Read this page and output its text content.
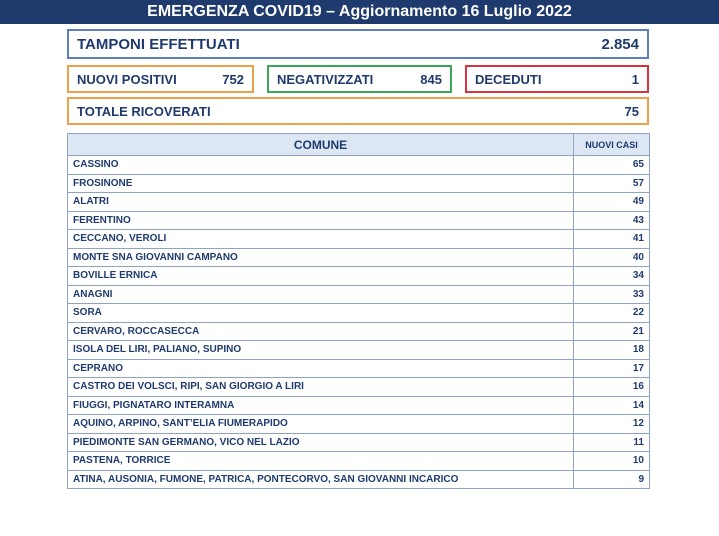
EMERGENZA COVID19 – Aggiornamento 16 Luglio 2022
TAMPONI EFFETTUATI	2.854
NUOVI POSITIVI	752	NEGATIVIZZATI	845	DECEDUTI	1
TOTALE RICOVERATI	75
COMUNE	NUOVI CASI
CASSINO	65
FROSINONE	57
ALATRI	49
FERENTINO	43
CECCANO, VEROLI	41
MONTE SNA GIOVANNI CAMPANO	40
BOVILLE ERNICA	34
ANAGNI	33
SORA	22
CERVARO, ROCCASECCA	21
ISOLA DEL LIRI, PALIANO, SUPINO	18
CEPRANO	17
CASTRO DEI VOLSCI, RIPI, SAN GIORGIO A LIRI	16
FIUGGI, PIGNATARO INTERAMNA	14
AQUINO, ARPINO, SANT’ELIA FIUMERAPIDO	12
PIEDIMONTE SAN GERMANO, VICO NEL LAZIO	11
PASTENA, TORRICE	10
ATINA, AUSONIA, FUMONE, PATRICA, PONTECORVO, SAN GIOVANNI INCARICO	9
